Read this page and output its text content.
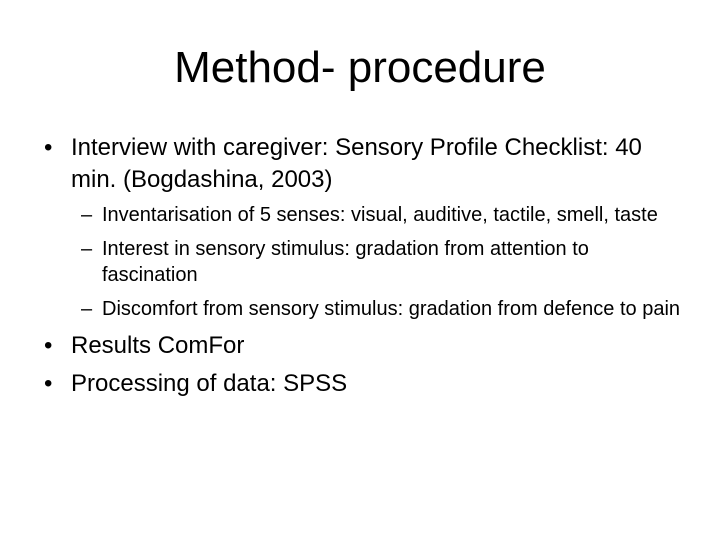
Method- procedure
• Interview with caregiver: Sensory Profile Checklist: 40 min. (Bogdashina, 2003)
– Inventarisation of 5 senses: visual, auditive, tactile, smell, taste
– Interest in sensory stimulus: gradation from attention to fascination
– Discomfort from sensory stimulus: gradation from defence to pain
• Results ComFor
• Processing of data: SPSS
